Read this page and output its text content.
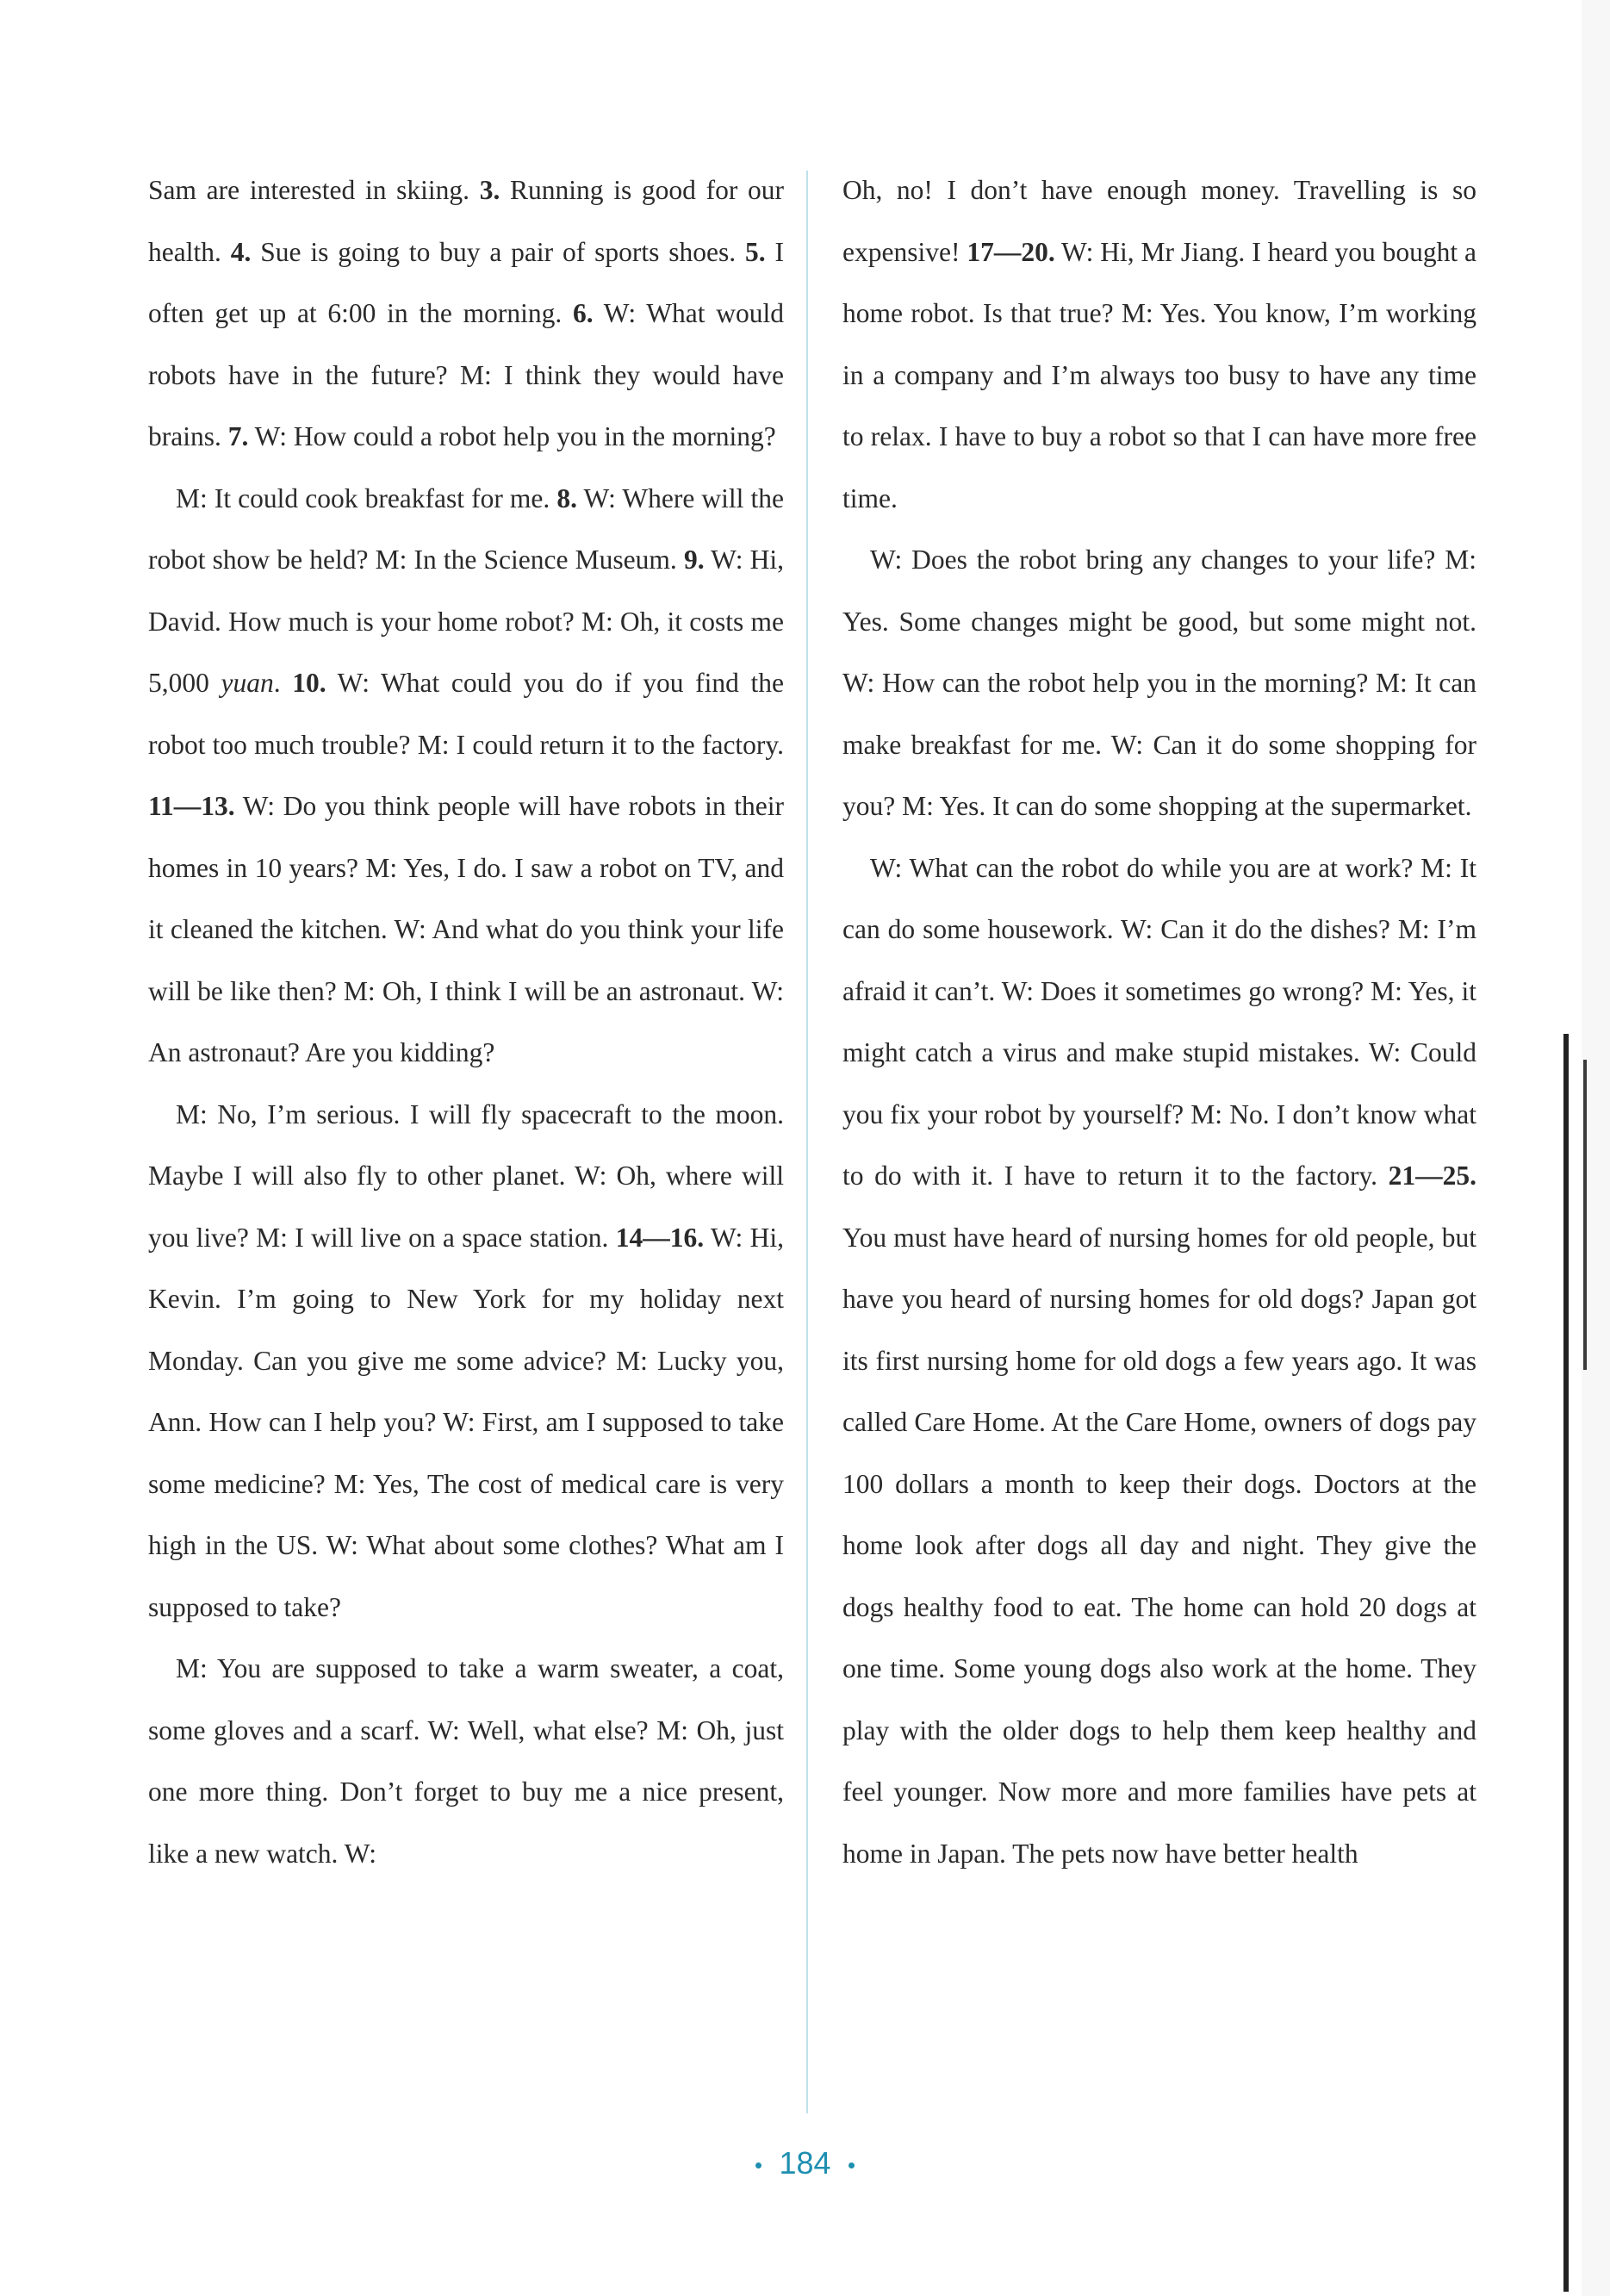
Sam are interested in skiing. 3. Running is good for our health. 4. Sue is going to buy a pair of sports shoes. 5. I often get up at 6:00 in the morning. 6. W: What would robots have in the future? M: I think they would have brains. 7. W: How could a robot help you in the morning?

M: It could cook breakfast for me. 8. W: Where will the robot show be held? M: In the Science Museum. 9. W: Hi, David. How much is your home robot? M: Oh, it costs me 5,000 yuan. 10. W: What could you do if you find the robot too much trouble? M: I could return it to the factory. 11—13. W: Do you think people will have robots in their homes in 10 years? M: Yes, I do. I saw a robot on TV, and it cleaned the kitchen. W: And what do you think your life will be like then? M: Oh, I think I will be an astronaut. W: An astronaut? Are you kidding?

M: No, I’m serious. I will fly spacecraft to the moon. Maybe I will also fly to other planet. W: Oh, where will you live? M: I will live on a space station. 14—16. W: Hi, Kevin. I’m going to New York for my holiday next Monday. Can you give me some advice? M: Lucky you, Ann. How can I help you? W: First, am I supposed to take some medicine? M: Yes, The cost of medical care is very high in the US. W: What about some clothes? What am I supposed to take?

M: You are supposed to take a warm sweater, a coat, some gloves and a scarf. W: Well, what else? M: Oh, just one more thing. Don’t forget to buy me a nice present, like a new watch. W:

Oh, no! I don’t have enough money. Travelling is so expensive! 17—20. W: Hi, Mr Jiang. I heard you bought a home robot. Is that true? M: Yes. You know, I’m working in a company and I’m always too busy to have any time to relax. I have to buy a robot so that I can have more free time.

W: Does the robot bring any changes to your life? M: Yes. Some changes might be good, but some might not. W: How can the robot help you in the morning? M: It can make breakfast for me. W: Can it do some shopping for you? M: Yes. It can do some shopping at the supermarket.

W: What can the robot do while you are at work? M: It can do some housework. W: Can it do the dishes? M: I’m afraid it can’t. W: Does it sometimes go wrong? M: Yes, it might catch a virus and make stupid mistakes. W: Could you fix your robot by yourself? M: No. I don’t know what to do with it. I have to return it to the factory. 21—25. You must have heard of nursing homes for old people, but have you heard of nursing homes for old dogs? Japan got its first nursing home for old dogs a few years ago. It was called Care Home. At the Care Home, owners of dogs pay 100 dollars a month to keep their dogs. Doctors at the home look after dogs all day and night. They give the dogs healthy food to eat. The home can hold 20 dogs at one time. Some young dogs also work at the home. They play with the older dogs to help them keep healthy and feel younger. Now more and more families have pets at home in Japan. The pets now have better health

184
